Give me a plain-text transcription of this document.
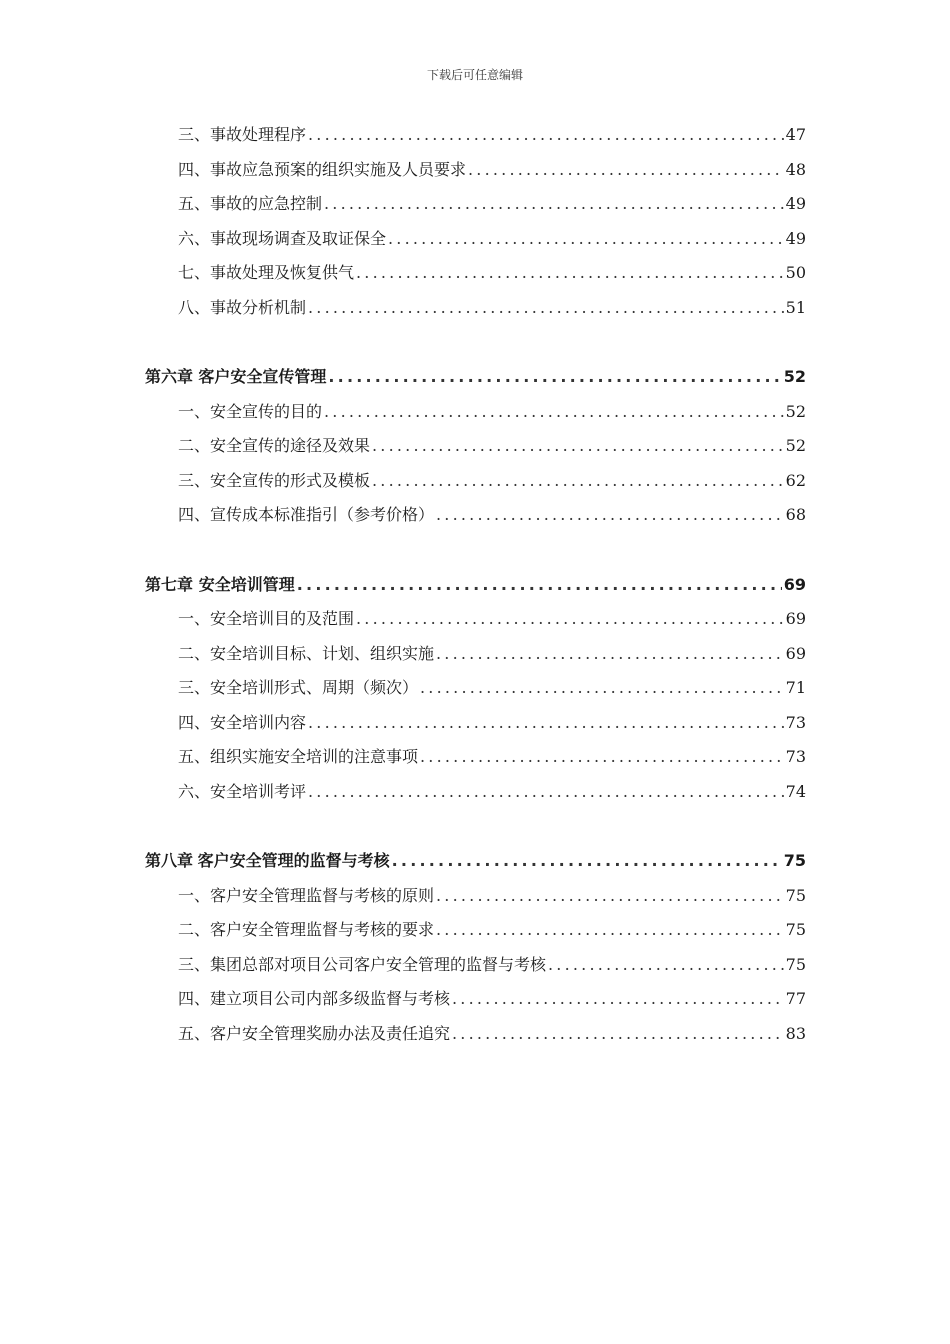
下载后可任意编辑
三、事故处理程序 .....	47
四、事故应急预案的组织实施及人员要求 .....	48
五、事故的应急控制 .....	49
六、事故现场调查及取证保全 .....	49
七、事故处理及恢复供气 .....	50
八、事故分析机制 .....	51
第六章 客户安全宣传管理 .....	52
一、安全宣传的目的 .....	52
二、安全宣传的途径及效果 .....	52
三、安全宣传的形式及模板 .....	62
四、宣传成本标准指引（参考价格） .....	68
第七章 安全培训管理 .....	69
一、安全培训目的及范围 .....	69
二、安全培训目标、计划、组织实施 .....	69
三、安全培训形式、周期（频次） .....	71
四、安全培训内容 .....	73
五、组织实施安全培训的注意事项 .....	73
六、安全培训考评 .....	74
第八章 客户安全管理的监督与考核 .....	75
一、客户安全管理监督与考核的原则 .....	75
二、客户安全管理监督与考核的要求 .....	75
三、集团总部对项目公司客户安全管理的监督与考核 .....	75
四、建立项目公司内部多级监督与考核 .....	77
五、客户安全管理奖励办法及责任追究 .....	83
